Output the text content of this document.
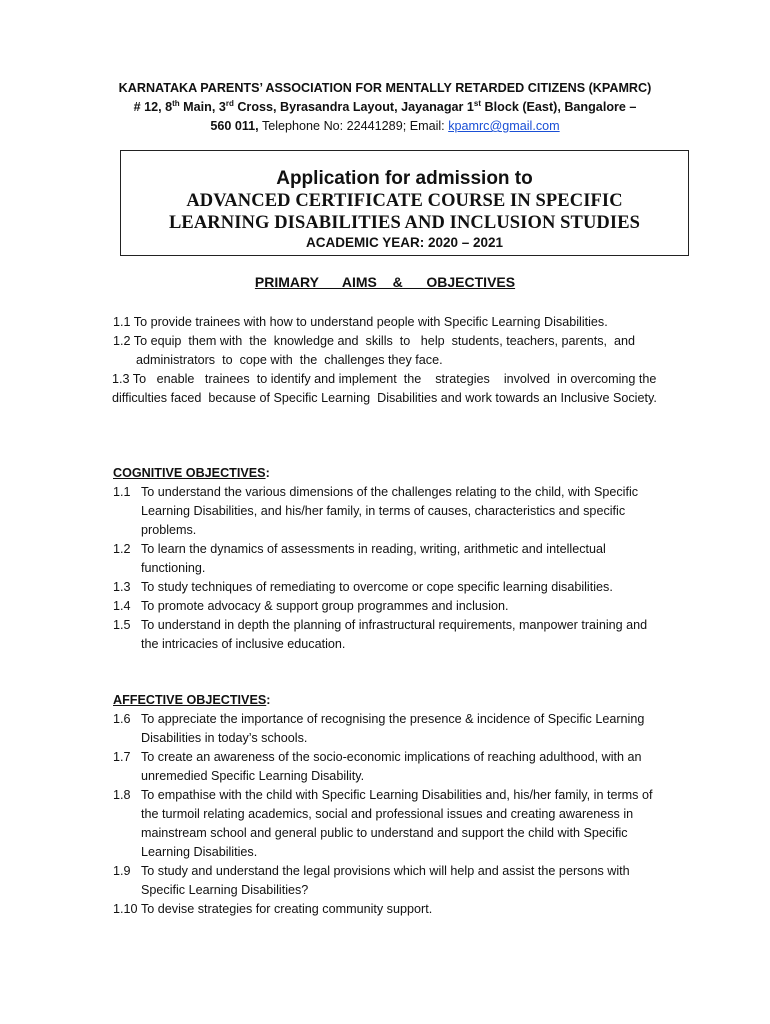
KARNATAKA PARENTS’ ASSOCIATION FOR MENTALLY RETARDED CITIZENS (KPAMRC)
# 12, 8th Main, 3rd Cross, Byrasandra Layout, Jayanagar 1st Block (East), Bangalore –
560 011, Telephone No: 22441289; Email: kpamrc@gmail.com
Application for admission to
ADVANCED CERTIFICATE COURSE IN SPECIFIC
LEARNING DISABILITIES AND INCLUSION STUDIES
ACADEMIC YEAR: 2020 – 2021
PRIMARY   AIMS  &   OBJECTIVES
1.1 To provide trainees with how to understand people with Specific Learning Disabilities.
1.2 To equip  them with  the  knowledge and  skills  to   help  students, teachers, parents,  and administrators  to  cope with  the  challenges they face.
1.3 To   enable   trainees  to identify and implement  the    strategies    involved  in overcoming the difficulties faced  because of Specific Learning  Disabilities and work towards an Inclusive Society.
COGNITIVE OBJECTIVES:
1.1 To understand the various dimensions of the challenges relating to the child, with Specific Learning Disabilities, and his/her family, in terms of causes, characteristics and specific problems.
1.2 To learn the dynamics of assessments in reading, writing, arithmetic and intellectual functioning.
1.3 To study techniques of remediating to overcome or cope specific learning disabilities.
1.4 To promote advocacy & support group programmes and inclusion.
1.5 To understand in depth the planning of infrastructural requirements, manpower training and the intricacies of inclusive education.
AFFECTIVE OBJECTIVES:
1.6 To appreciate the importance of recognising the presence & incidence of Specific Learning Disabilities in today’s schools.
1.7 To create an awareness of the socio-economic implications of reaching adulthood, with an unremedied Specific Learning Disability.
1.8 To empathise with the child with Specific Learning Disabilities and, his/her family, in terms of the turmoil relating academics, social and professional issues and creating awareness in mainstream school and general public to understand and support the child with Specific Learning Disabilities.
1.9 To study and understand the legal provisions which will help and assist the persons with Specific Learning Disabilities?
1.10 To devise strategies for creating community support.
